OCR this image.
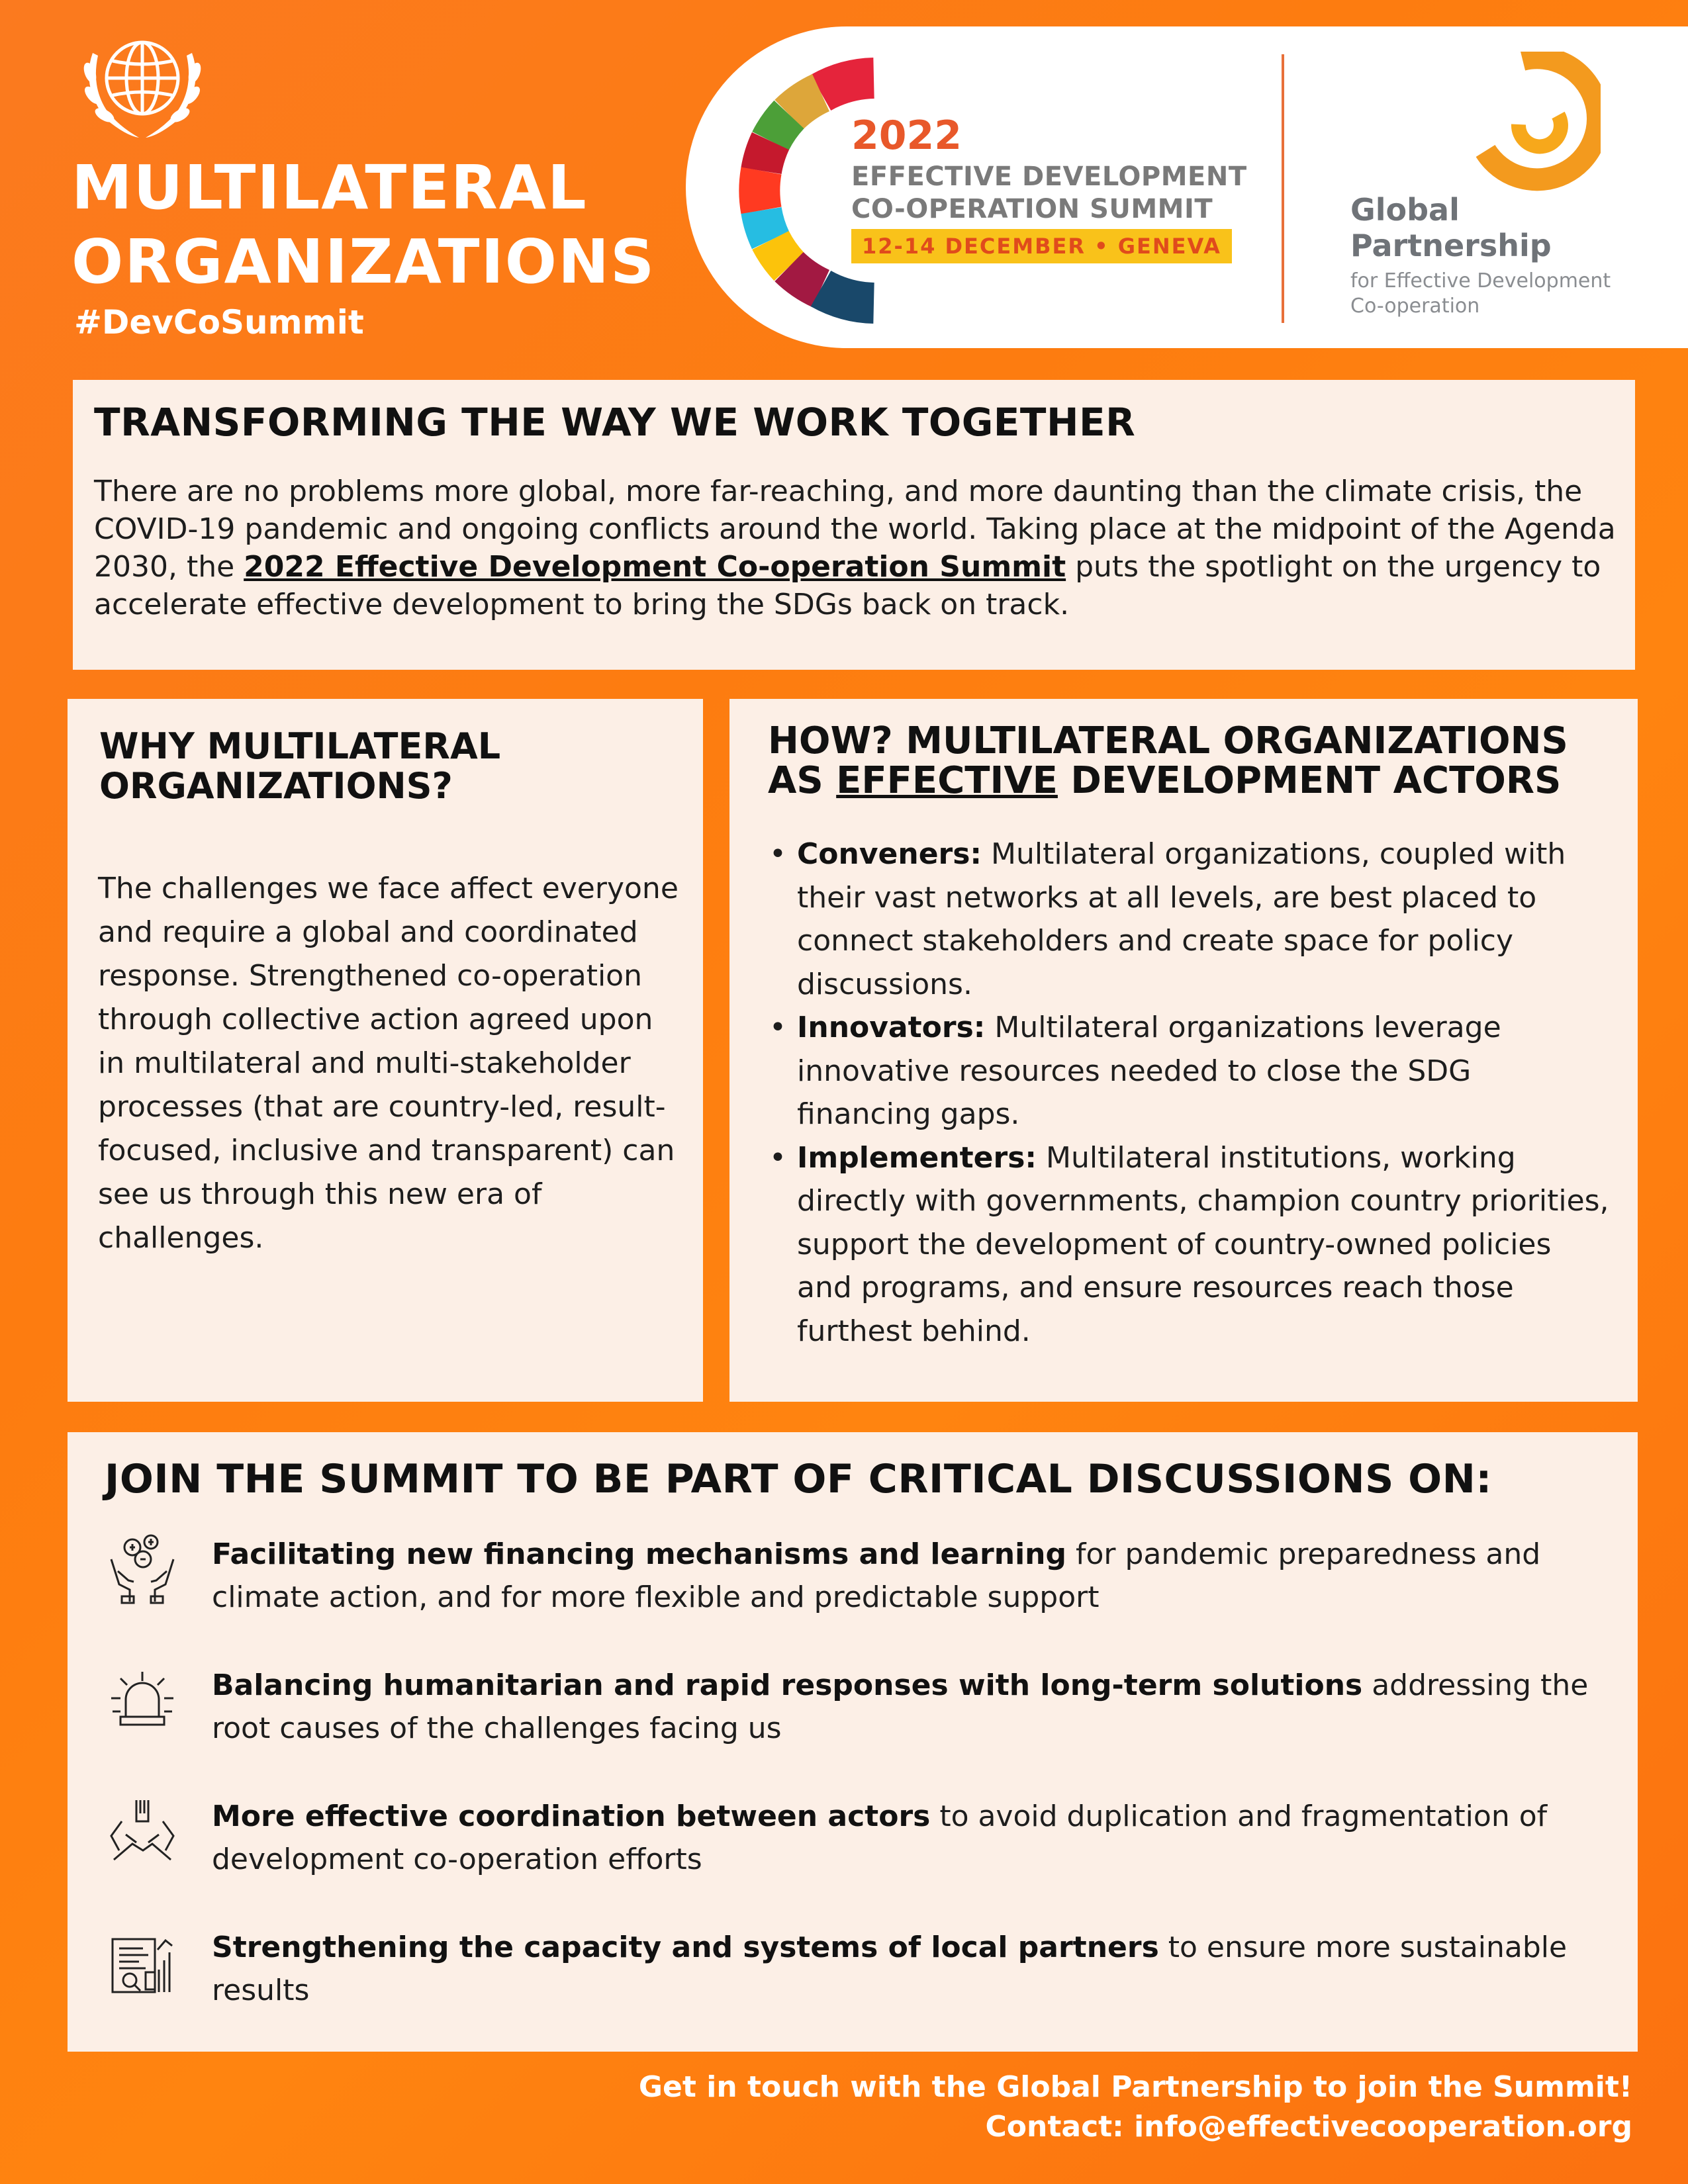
MULTILATERAL
ORGANIZATIONS
#DevCoSummit
2022
EFFECTIVE DEVELOPMENT
CO-OPERATION SUMMIT
12-14 DECEMBER • GENEVA
Global
Partnership
for Effective Development
Co-operation
TRANSFORMING THE WAY WE WORK TOGETHER
There are no problems more global, more far-reaching, and more daunting than the climate crisis, the COVID-19 pandemic and ongoing conflicts around the world. Taking place at the midpoint of the Agenda 2030, the 2022 Effective Development Co-operation Summit puts the spotlight on the urgency to accelerate effective development to bring the SDGs back on track.
WHY MULTILATERAL ORGANIZATIONS?
The challenges we face affect everyone and require a global and coordinated response. Strengthened co-operation through collective action agreed upon in multilateral and multi-stakeholder processes (that are country-led, result-focused, inclusive and transparent) can see us through this new era of challenges.
HOW? MULTILATERAL ORGANIZATIONS AS EFFECTIVE DEVELOPMENT ACTORS
• Conveners: Multilateral organizations, coupled with their vast networks at all levels, are best placed to connect stakeholders and create space for policy discussions.
• Innovators: Multilateral organizations leverage innovative resources needed to close the SDG financing gaps.
• Implementers: Multilateral institutions, working directly with governments, champion country priorities, support the development of country-owned policies and programs, and ensure resources reach those furthest behind.
JOIN THE SUMMIT TO BE PART OF CRITICAL DISCUSSIONS ON:
Facilitating new financing mechanisms and learning for pandemic preparedness and climate action, and for more flexible and predictable support
Balancing humanitarian and rapid responses with long-term solutions addressing the root causes of the challenges facing us
More effective coordination between actors to avoid duplication and fragmentation of development co-operation efforts
Strengthening the capacity and systems of local partners to ensure more sustainable results
Get in touch with the Global Partnership to join the Summit!
Contact: info@effectivecooperation.org
